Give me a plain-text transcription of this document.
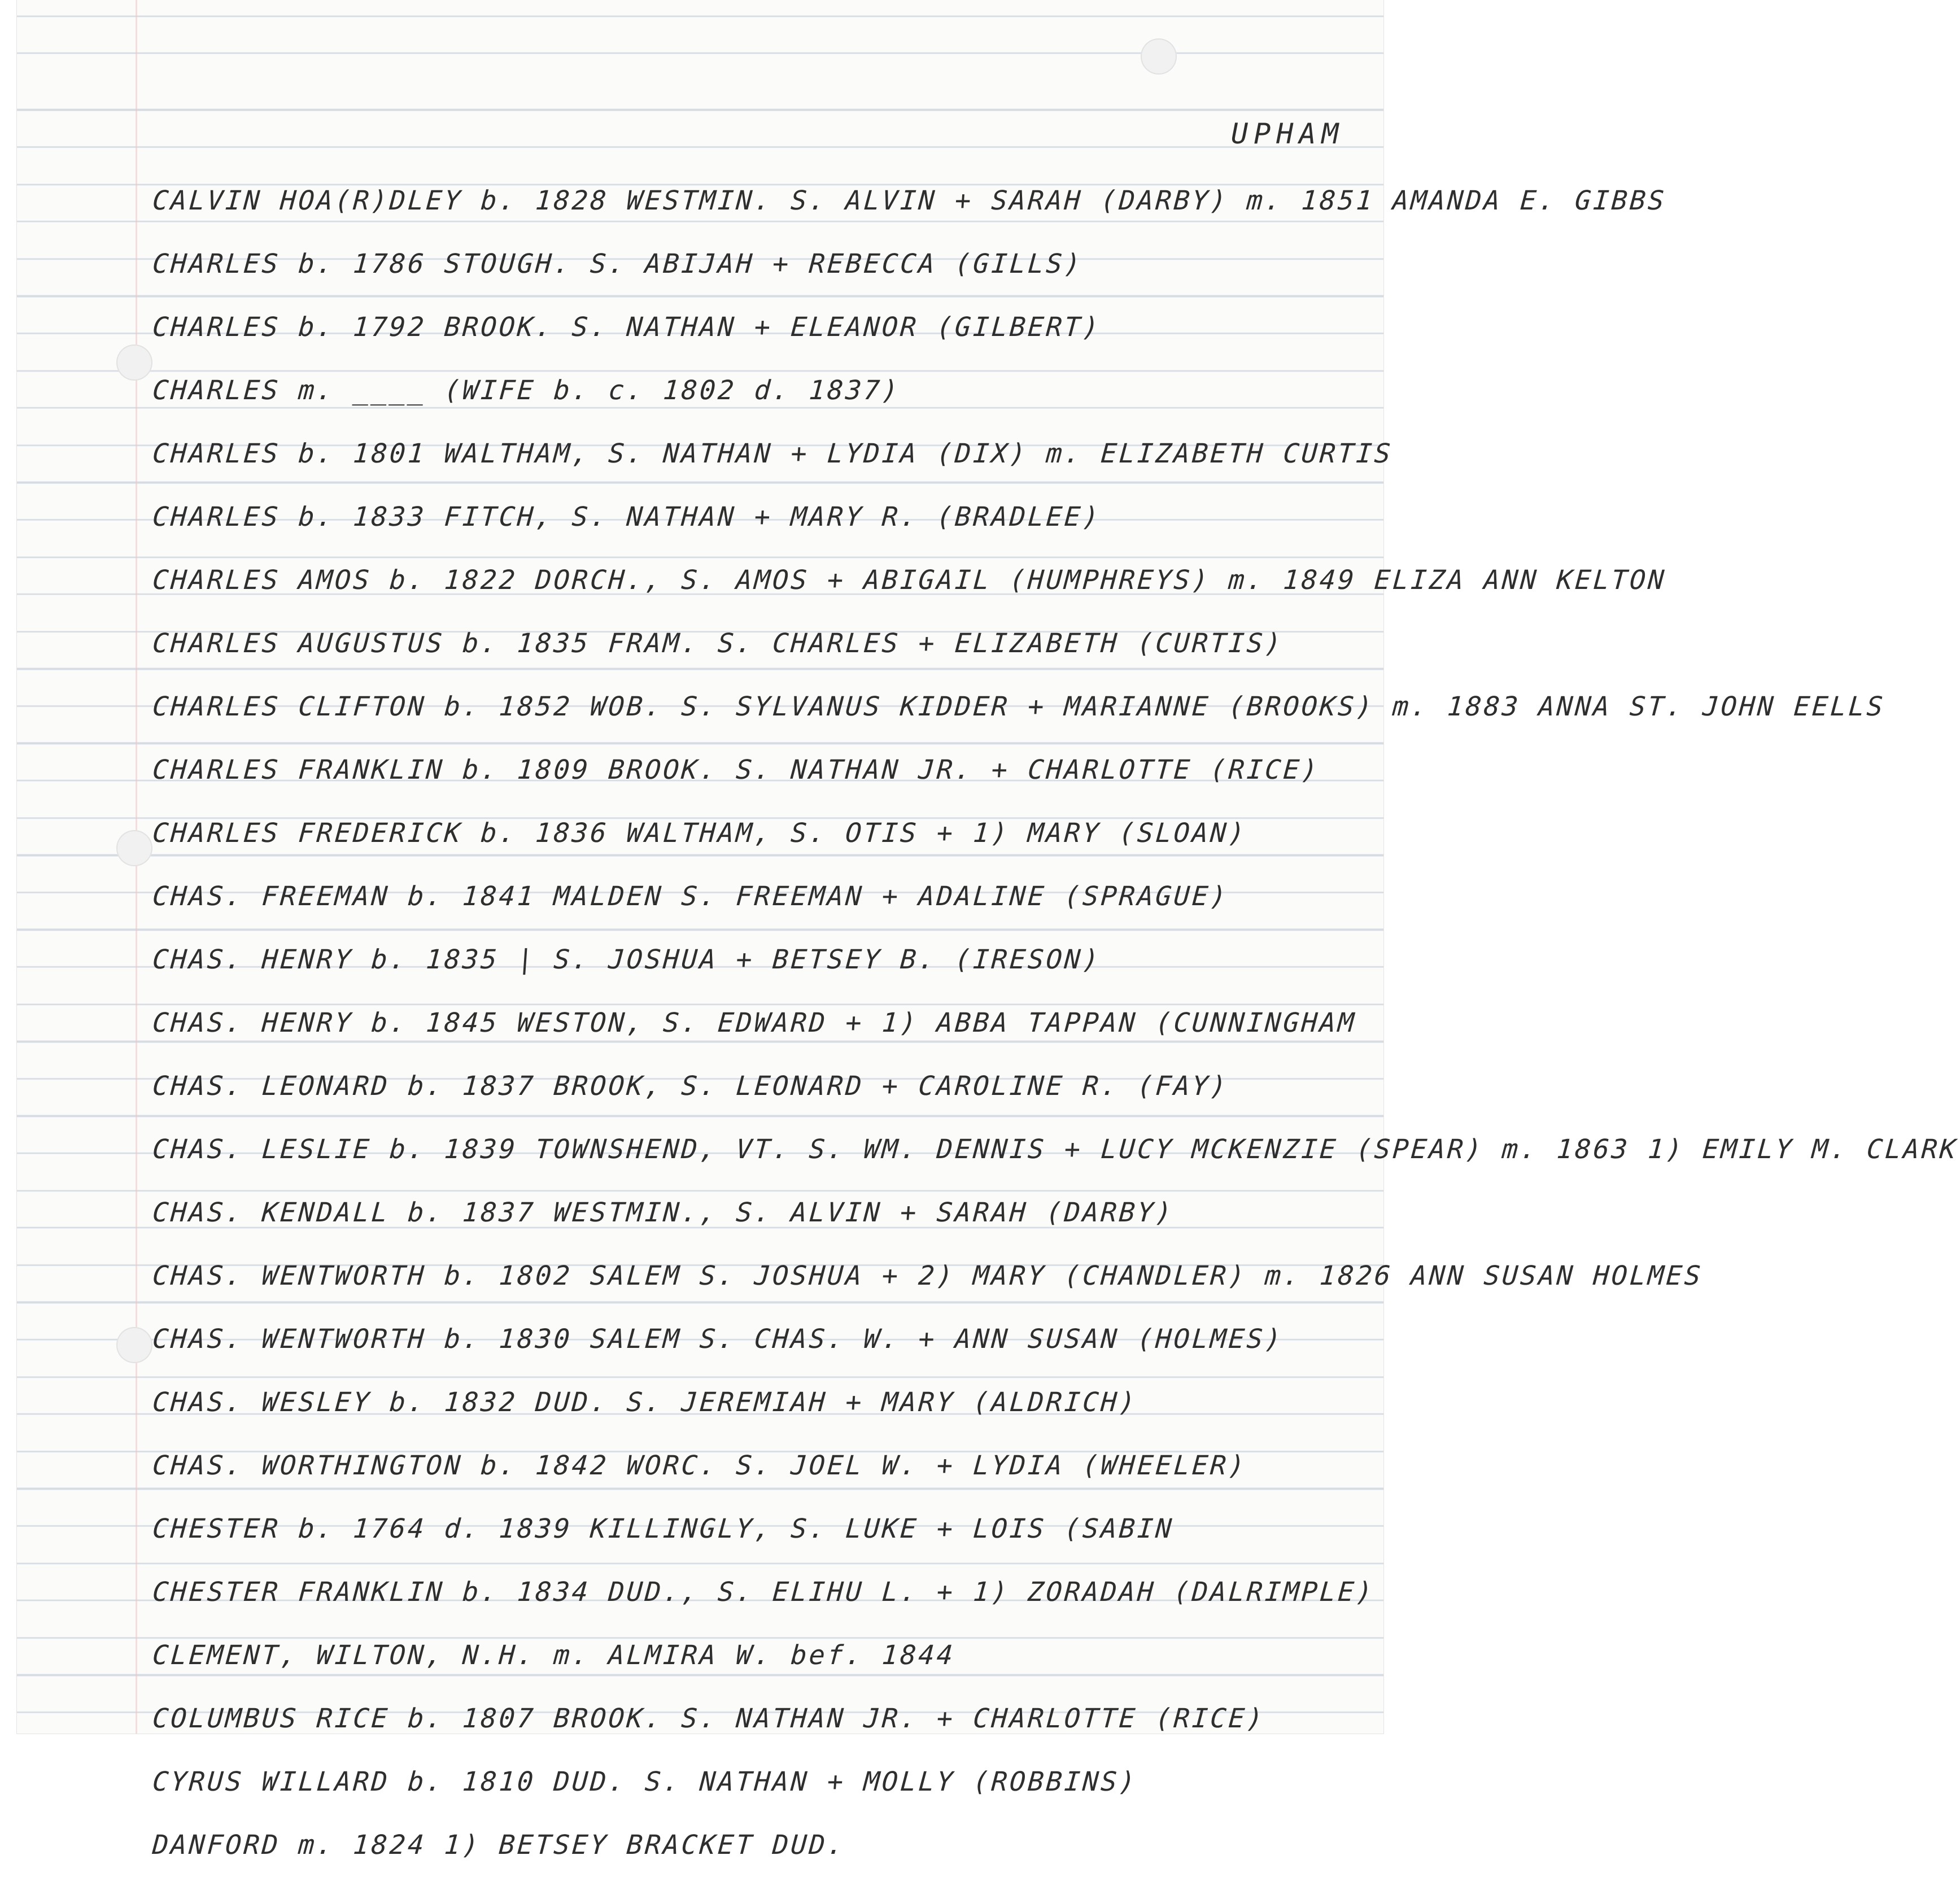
UPHAM
CALVIN HOA(R)DLEY b. 1828 WESTMIN. S. ALVIN + SARAH (DARBY) m. 1851 AMANDA E. GIBBS
CHARLES b. 1786 STOUGH. S. ABIJAH + REBECCA (GILLS)
CHARLES b. 1792 BROOK. S. NATHAN + ELEANOR (GILBERT)
CHARLES m. ____ (WIFE b. c. 1802 d. 1837)
CHARLES b. 1801 WALTHAM, S. NATHAN + LYDIA (DIX) m. ELIZABETH CURTIS
CHARLES b. 1833 FITCH, S. NATHAN + MARY R. (BRADLEE)
CHARLES AMOS b. 1822 DORCH., S. AMOS + ABIGAIL (HUMPHREYS) m. 1849 ELIZA ANN KELTON
CHARLES AUGUSTUS b. 1835 FRAM. S. CHARLES + ELIZABETH (CURTIS)
CHARLES CLIFTON b. 1852 WOB. S. SYLVANUS KIDDER + MARIANNE (BROOKS) m. 1883 ANNA ST. JOHN EELLS
CHARLES FRANKLIN b. 1809 BROOK. S. NATHAN JR. + CHARLOTTE (RICE)
CHARLES FREDERICK b. 1836 WALTHAM, S. OTIS + 1) MARY (SLOAN)
CHAS. FREEMAN b. 1841 MALDEN S. FREEMAN + ADALINE (SPRAGUE)
CHAS. HENRY b. 1835 | S. JOSHUA + BETSEY B. (IRESON)
CHAS. HENRY b. 1845 WESTON, S. EDWARD + 1) ABBA TAPPAN (CUNNINGHAM
CHAS. LEONARD b. 1837 BROOK, S. LEONARD + CAROLINE R. (FAY)
CHAS. LESLIE b. 1839 TOWNSHEND, VT. S. WM. DENNIS + LUCY MCKENZIE (SPEAR) m. 1863 1) EMILY M. CLARK
CHAS. KENDALL b. 1837 WESTMIN., S. ALVIN + SARAH (DARBY)
CHAS. WENTWORTH b. 1802 SALEM S. JOSHUA + 2) MARY (CHANDLER) m. 1826 ANN SUSAN HOLMES
CHAS. WENTWORTH b. 1830 SALEM S. CHAS. W. + ANN SUSAN (HOLMES)
CHAS. WESLEY b. 1832 DUD. S. JEREMIAH + MARY (ALDRICH)
CHAS. WORTHINGTON b. 1842 WORC. S. JOEL W. + LYDIA (WHEELER)
CHESTER b. 1764 d. 1839 KILLINGLY, S. LUKE + LOIS (SABIN
CHESTER FRANKLIN b. 1834 DUD., S. ELIHU L. + 1) ZORADAH (DALRIMPLE)
CLEMENT, WILTON, N.H. m. ALMIRA W. bef. 1844
COLUMBUS RICE b. 1807 BROOK. S. NATHAN JR. + CHARLOTTE (RICE)
CYRUS WILLARD b. 1810 DUD. S. NATHAN + MOLLY (ROBBINS)
DANFORD m. 1824 1) BETSEY BRACKET DUD.
